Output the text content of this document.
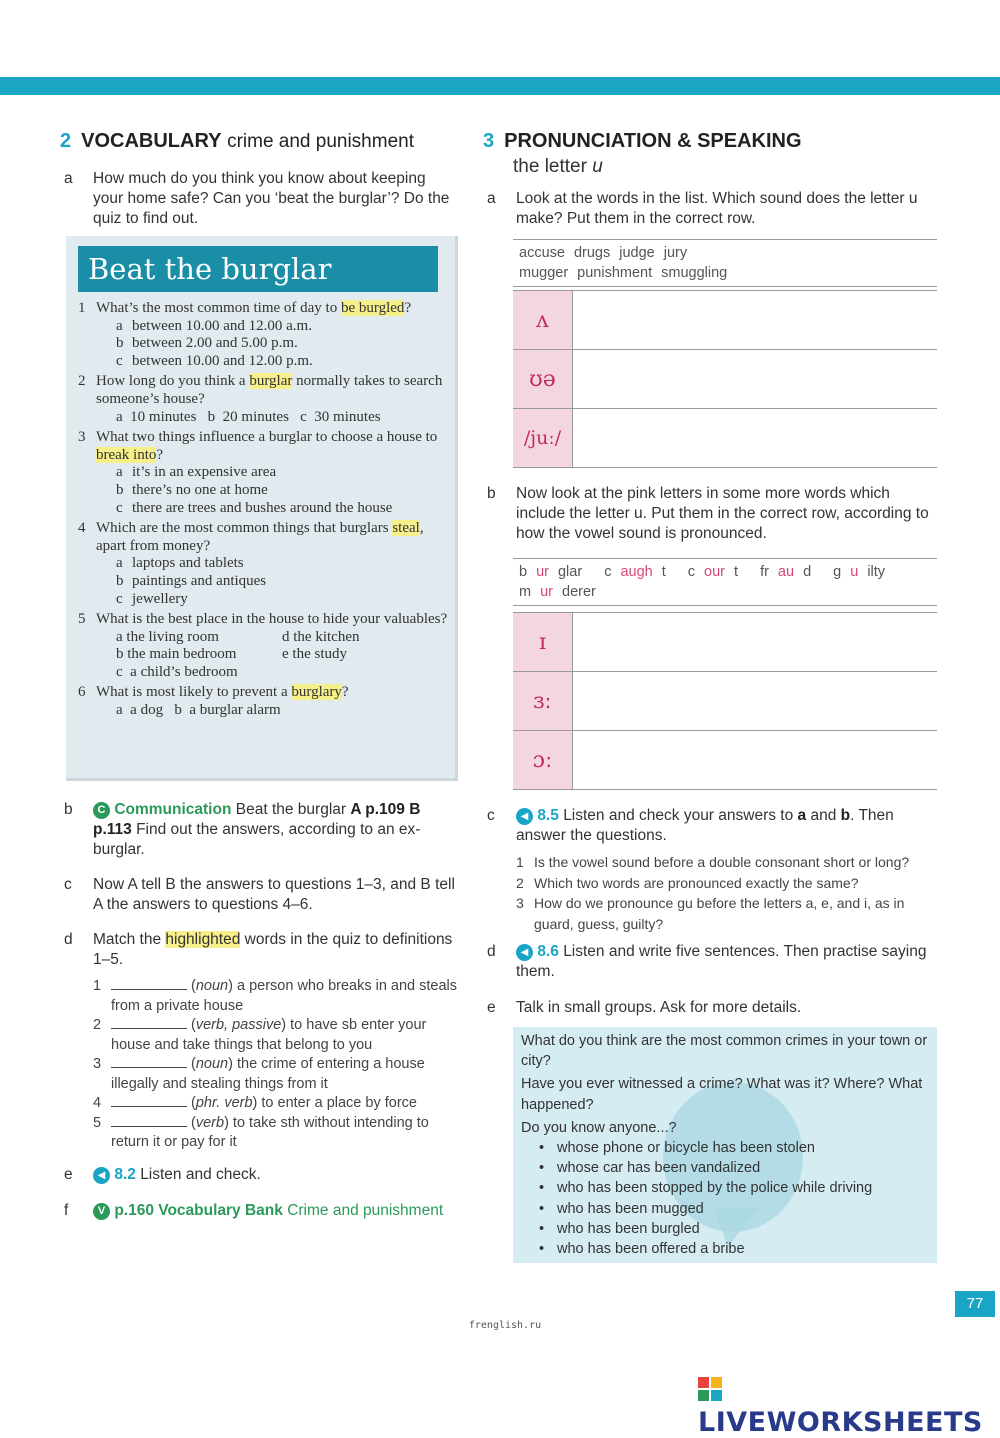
2 VOCABULARY crime and punishment
a How much do you think you know about keeping your home safe? Can you ‘beat the burglar’? Do the quiz to find out.
Beat the burglar
1 What’s the most common time of day to be burgled?
a between 10.00 and 12.00 a.m.
b between 2.00 and 5.00 p.m.
c between 10.00 and 12.00 p.m.
2 How long do you think a burglar normally takes to search someone’s house?
a  10 minutes   b  20 minutes   c  30 minutes
3 What two things influence a burglar to choose a house to break into?
a it’s in an expensive area
b there’s no one at home
c there are trees and bushes around the house
4 Which are the most common things that burglars steal, apart from money?
a laptops and tablets
b paintings and antiques
c jewellery
5 What is the best place in the house to hide your valuables?
a the living room	d the kitchen
b the main bedroom	e the study
c  a child’s bedroom
6 What is most likely to prevent a burglary?
a  a dog   b  a burglar alarm
b C Communication Beat the burglar A p.109 B p.113 Find out the answers, according to an ex-burglar.
c Now A tell B the answers to questions 1–3, and B tell A the answers to questions 4–6.
d Match the highlighted words in the quiz to definitions 1–5.
1	(noun) a person who breaks in and steals from a private house
2	(verb, passive) to have sb enter your house and take things that belong to you
3	(noun) the crime of entering a house illegally and stealing things from it
4	(phr. verb) to enter a place by force
5	(verb) to take sth without intending to return it or pay for it
e	◀ 8.2 Listen and check.
f	V p.160 Vocabulary Bank Crime and punishment
3 PRONUNCIATION & SPEAKING
the letter u
a Look at the words in the list. Which sound does the letter u make? Put them in the correct row.
accuse drugs judge jury
mugger punishment smuggling
ʌ
ʊə
/juː/
b Now look at the pink letters in some more words which include the letter u. Put them in the correct row, according to how the vowel sound is pronounced.
b ur glar c augh t c our t fr au d g u ilty m ur derer
ɪ
ɜː
ɔː
c	◀ 8.5 Listen and check your answers to a and b. Then answer the questions.
1 Is the vowel sound before a double consonant short or long?
2 Which two words are pronounced exactly the same?
3 How do we pronounce gu before the letters a, e, and i, as in guard, guess, guilty?
d	◀ 8.6 Listen and write five sentences. Then practise saying them.
e Talk in small groups. Ask for more details.
What do you think are the most common crimes in your town or city?
Have you ever witnessed a crime? What was it? Where? What happened?
Do you know anyone...?
• whose phone or bicycle has been stolen
• whose car has been vandalized
• who has been stopped by the police while driving
• who has been mugged
• who has been burgled
• who has been offered a bribe
77
frenglish.ru
LIVEWORKSHEETS
